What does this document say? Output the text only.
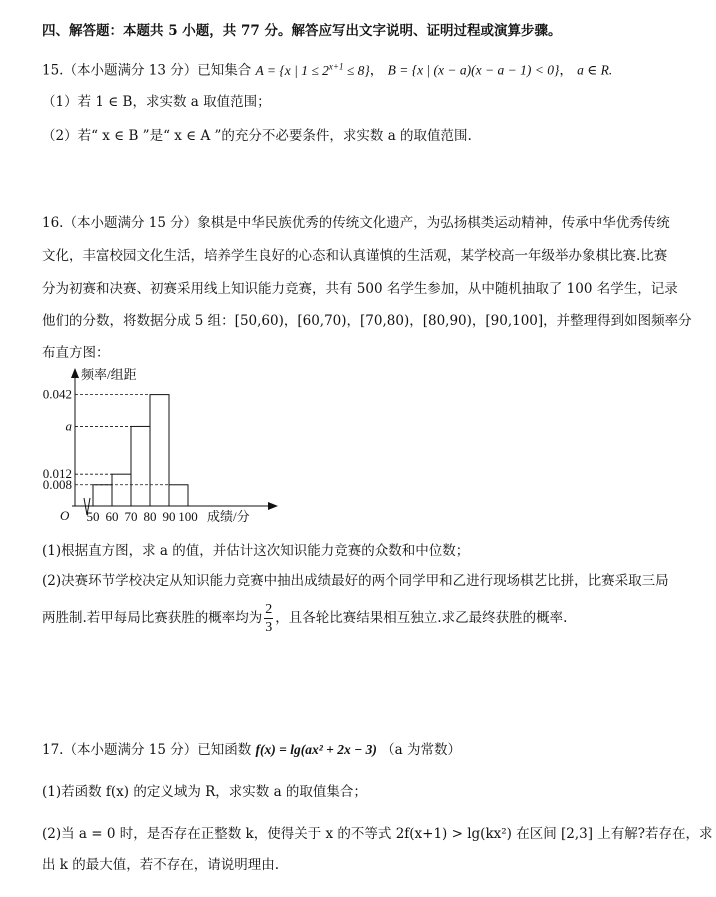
四、解答题：本题共 5 小题，共 77 分。解答应写出文字说明、证明过程或演算步骤。
15.（本小题满分 13 分）已知集合 A = {x | $1 \le 2^{x+1} \le 8$}， B = {x | (x − a)(x − a − 1) < 0}， a ∈ R.
（1）若 1 ∈ B，求实数 a 取值范围；
（2）若“ x ∈ B ”是“ x ∈ A ”的充分不必要条件，求实数 a 的取值范围.
16.（本小题满分 15 分）象棋是中华民族优秀的传统文化遗产，为弘扬棋类运动精神，传承中华优秀传统
文化，丰富校园文化生活，培养学生良好的心态和认真谨慎的生活观，某学校高一年级举办象棋比赛.比赛
分为初赛和决赛、初赛采用线上知识能力竞赛，共有 500 名学生参加，从中随机抽取了 100 名学生，记录
他们的分数，将数据分成 5 组：[50,60)，[60,70)，[70,80)，[80,90)，[90,100]，并整理得到如图频率分
布直方图：
频率/组距
成绩/分
O
0.042
a
0.012
0.008
50 60 70 80 90 100
(1)根据直方图，求 a 的值，并估计这次知识能力竞赛的众数和中位数；
(2)决赛环节学校决定从知识能力竞赛中抽出成绩最好的两个同学甲和乙进行现场棋艺比拼，比赛采取三局
两胜制.若甲每局比赛获胜的概率均为 $\frac{2}{3}$ ，且各轮比赛结果相互独立.求乙最终获胜的概率.
17.（本小题满分 15 分）已知函数 f(x) = lg(ax² + 2x − 3) （a 为常数）
(1)若函数 f(x) 的定义域为 R，求实数 a 的取值集合；
(2)当 a = 0 时，是否存在正整数 k，使得关于 x 的不等式 2f(x+1) > lg(kx²) 在区间 [2,3] 上有解?若存在，求
出 k 的最大值，若不存在，请说明理由.
